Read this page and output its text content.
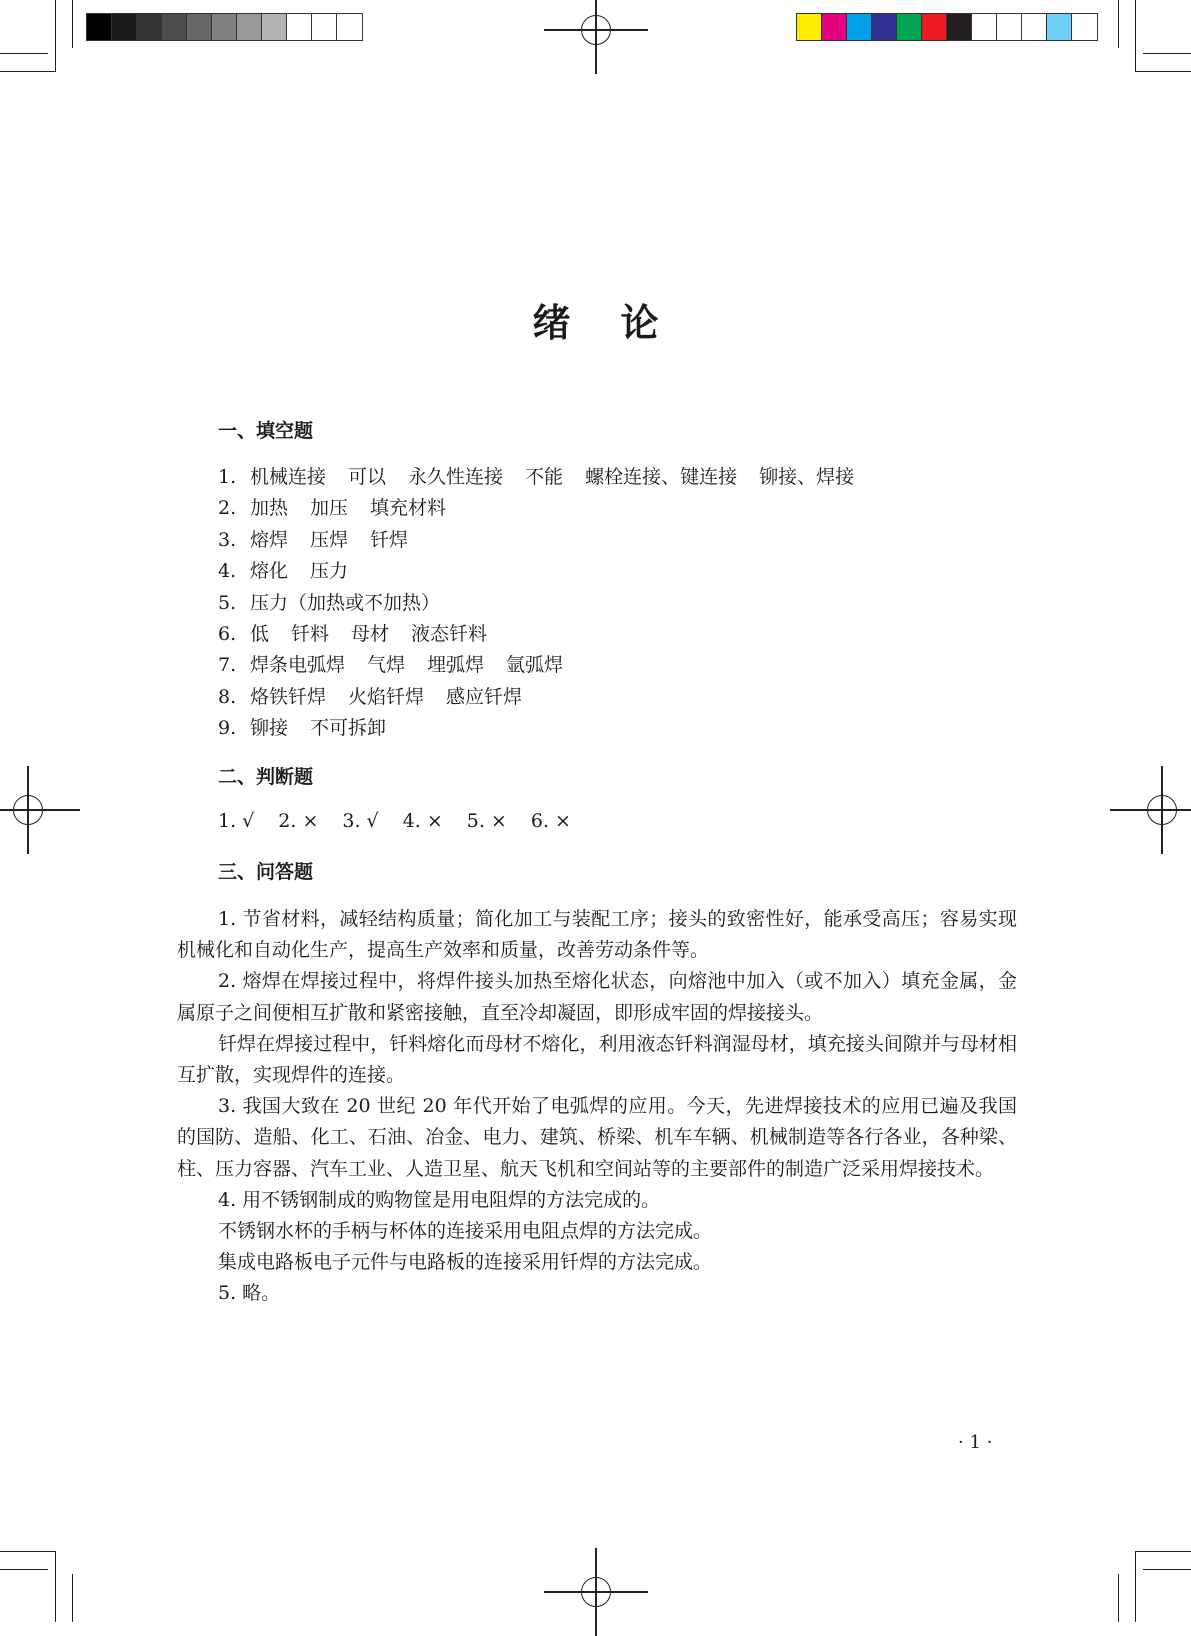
绪论
一、填空题
1. 机械连接 可以 永久性连接 不能 螺栓连接、键连接 铆接、焊接
2. 加热 加压 填充材料
3. 熔焊 压焊 钎焊
4. 熔化 压力
5. 压力（加热或不加热）
6. 低 钎料 母材 液态钎料
7. 焊条电弧焊 气焊 埋弧焊 氩弧焊
8. 烙铁钎焊 火焰钎焊 感应钎焊
9. 铆接 不可拆卸
二、判断题
1. √ 2. × 3. √ 4. × 5. × 6. ×
三、问答题

1. 节省材料，减轻结构质量；简化加工与装配工序；接头的致密性好，能承受高压；容易实现机械化和自动化生产，提高生产效率和质量，改善劳动条件等。

2. 熔焊在焊接过程中，将焊件接头加热至熔化状态，向熔池中加入（或不加入）填充金属，金属原子之间便相互扩散和紧密接触，直至冷却凝固，即形成牢固的焊接接头。

钎焊在焊接过程中，钎料熔化而母材不熔化，利用液态钎料润湿母材，填充接头间隙并与母材相互扩散，实现焊件的连接。

3. 我国大致在 20 世纪 20 年代开始了电弧焊的应用。今天，先进焊接技术的应用已遍及我国的国防、造船、化工、石油、冶金、电力、建筑、桥梁、机车车辆、机械制造等各行各业，各种梁、柱、压力容器、汽车工业、人造卫星、航天飞机和空间站等的主要部件的制造广泛采用焊接技术。

4. 用不锈钢制成的购物筐是用电阻焊的方法完成的。

不锈钢水杯的手柄与杯体的连接采用电阻点焊的方法完成。

集成电路板电子元件与电路板的连接采用钎焊的方法完成。

5. 略。

· 1 ·
